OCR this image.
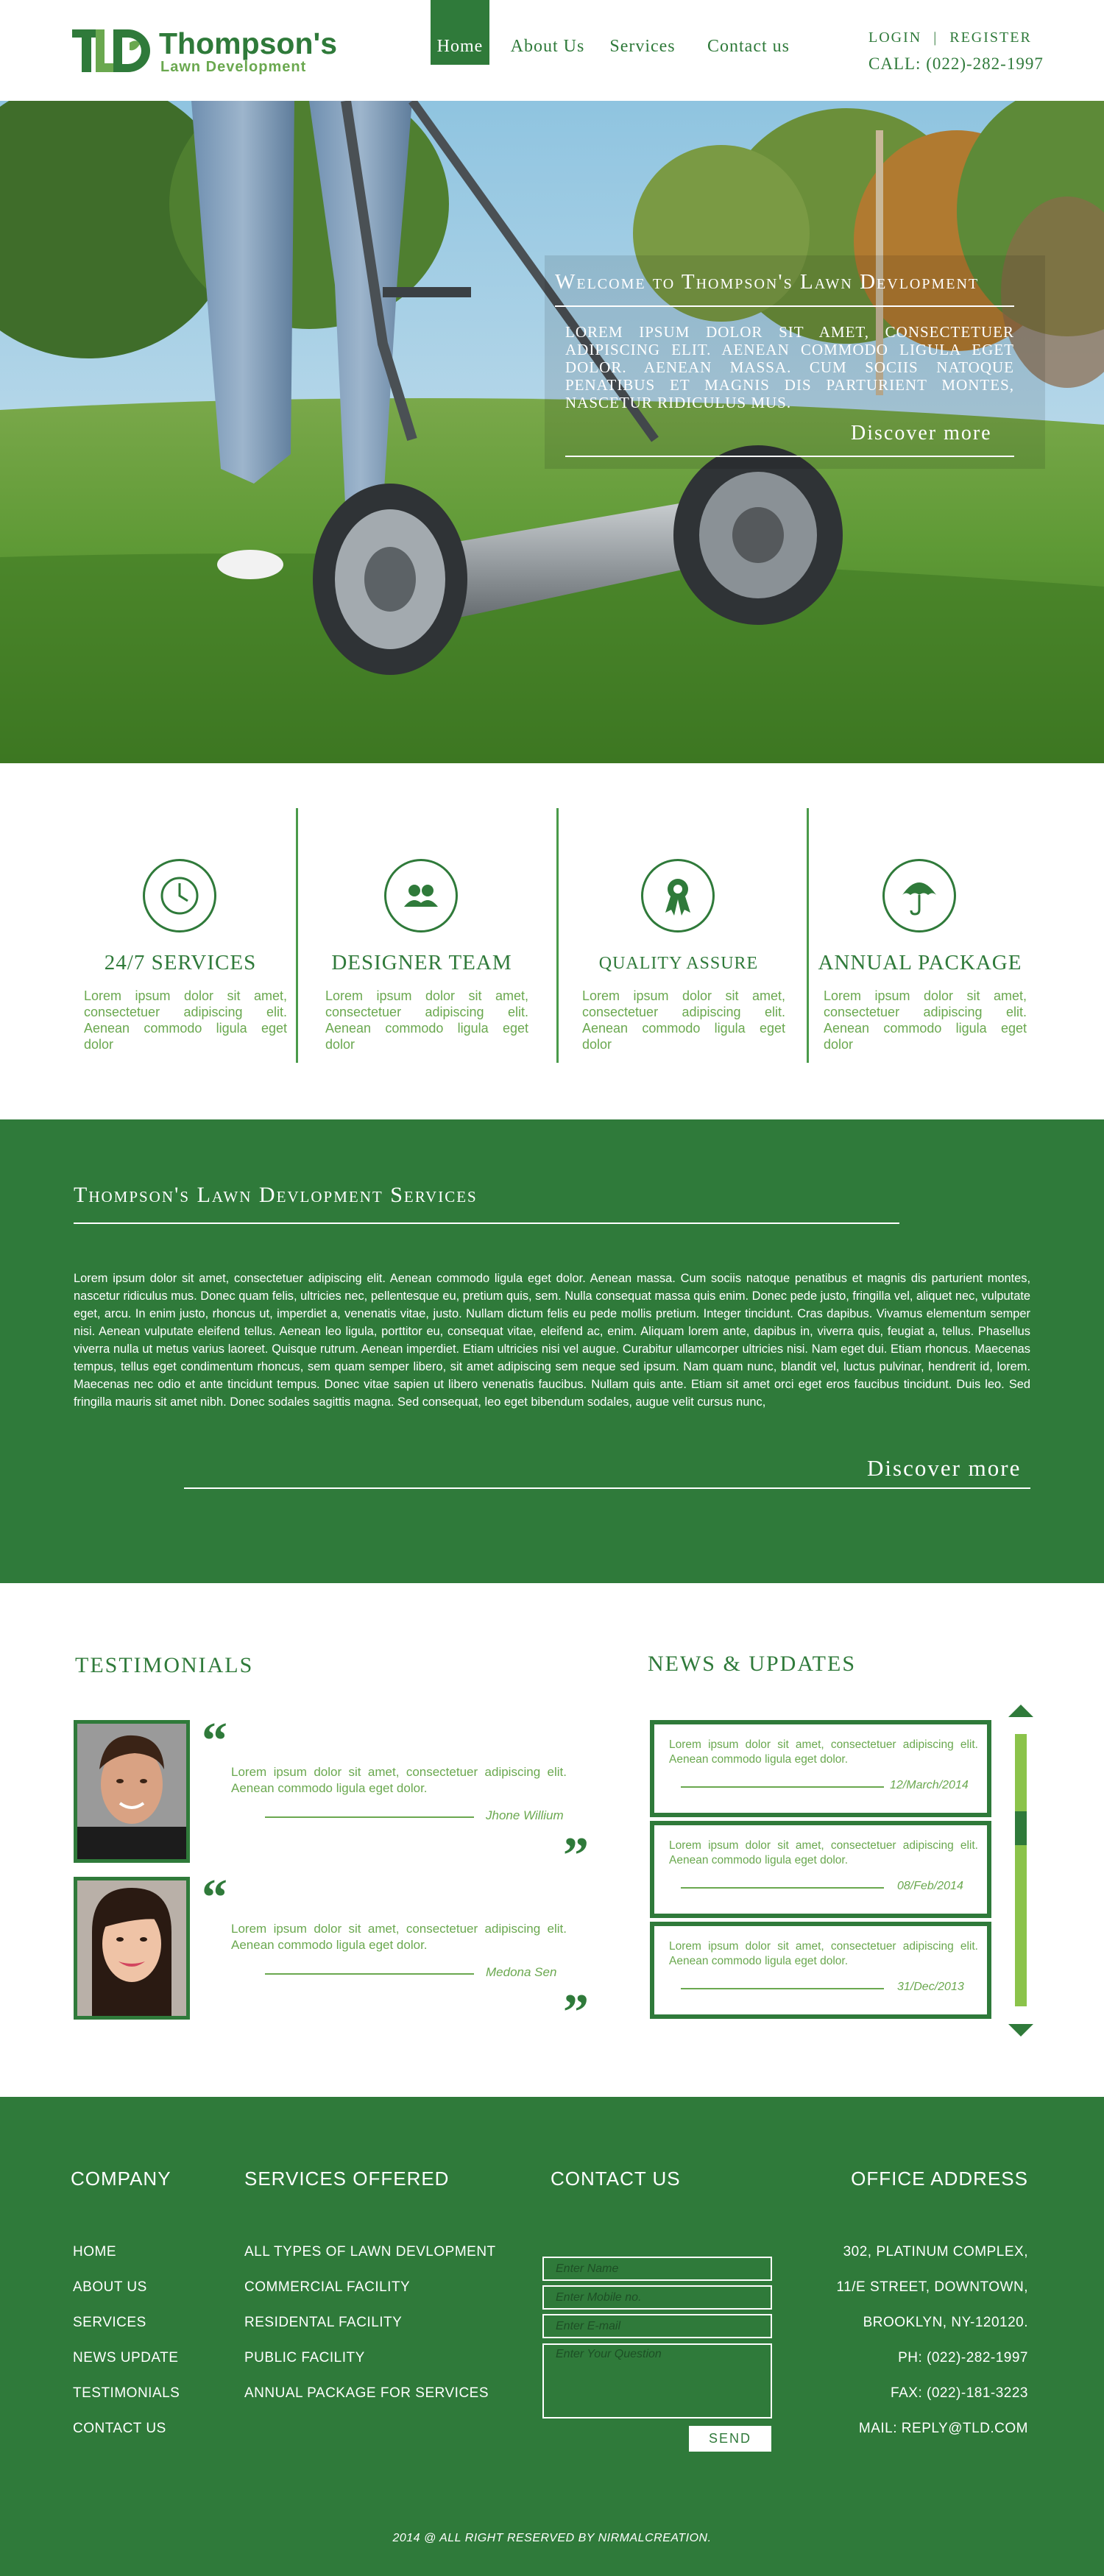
Thompson's
Lawn Development
Home	About Us	Services	Contact us	LOGIN | REGISTER
CALL: (022)-282-1997
Welcome to Thompson's Lawn Devlopment
LOREM IPSUM DOLOR SIT AMET, CONSECTETUER ADIPISCING ELIT. AENEAN COMMODO LIGULA EGET DOLOR. AENEAN MASSA. CUM SOCIIS NATOQUE PENATIBUS ET MAGNIS DIS PARTURIENT MONTES, NASCETUR RIDICULUS MUS.
Discover more
24/7 SERVICES
Lorem ipsum dolor sit amet, consectetuer adipiscing elit. Aenean commodo ligula eget dolor
DESIGNER TEAM
Lorem ipsum dolor sit amet, consectetuer adipiscing elit. Aenean commodo ligula eget dolor
QUALITY ASSURE
Lorem ipsum dolor sit amet, consectetuer adipiscing elit. Aenean commodo ligula eget dolor
ANNUAL PACKAGE
Lorem ipsum dolor sit amet, consectetuer adipiscing elit. Aenean commodo ligula eget dolor
Thompson's Lawn Devlopment Services
Lorem ipsum dolor sit amet, consectetuer adipiscing elit. Aenean commodo ligula eget dolor. Aenean massa. Cum sociis natoque penatibus et magnis dis parturient montes, nascetur ridiculus mus. Donec quam felis, ultricies nec, pellentesque eu, pretium quis, sem. Nulla consequat massa quis enim. Donec pede justo, fringilla vel, aliquet nec, vulputate eget, arcu. In enim justo, rhoncus ut, imperdiet a, venenatis vitae, justo. Nullam dictum felis eu pede mollis pretium. Integer tincidunt. Cras dapibus. Vivamus elementum semper nisi. Aenean vulputate eleifend tellus. Aenean leo ligula, porttitor eu, consequat vitae, eleifend ac, enim. Aliquam lorem ante, dapibus in, viverra quis, feugiat a, tellus. Phasellus viverra nulla ut metus varius laoreet. Quisque rutrum. Aenean imperdiet. Etiam ultricies nisi vel augue. Curabitur ullamcorper ultricies nisi. Nam eget dui. Etiam rhoncus. Maecenas tempus, tellus eget condimentum rhoncus, sem quam semper libero, sit amet adipiscing sem neque sed ipsum. Nam quam nunc, blandit vel, luctus pulvinar, hendrerit id, lorem. Maecenas nec odio et ante tincidunt tempus. Donec vitae sapien ut libero venenatis faucibus. Nullam quis ante. Etiam sit amet orci eget eros faucibus tincidunt. Duis leo. Sed fringilla mauris sit amet nibh. Donec sodales sagittis magna. Sed consequat, leo eget bibendum sodales, augue velit cursus nunc,
Discover more
TESTIMONIALS	NEWS & UPDATES
“
Lorem ipsum dolor sit amet, consectetuer adipiscing elit. Aenean commodo ligula eget dolor.
Jhone Willium
”
“
Lorem ipsum dolor sit amet, consectetuer adipiscing elit. Aenean commodo ligula eget dolor.
Medona Sen
”
Lorem ipsum dolor sit amet, consectetuer adipiscing elit. Aenean commodo ligula eget dolor.
12/March/2014
Lorem ipsum dolor sit amet, consectetuer adipiscing elit. Aenean commodo ligula eget dolor.
08/Feb/2014
Lorem ipsum dolor sit amet, consectetuer adipiscing elit. Aenean commodo ligula eget dolor.
31/Dec/2013
COMPANY	SERVICES OFFERED	CONTACT US	OFFICE ADDRESS
HOME
ABOUT US
SERVICES
NEWS UPDATE
TESTIMONIALS
CONTACT US
ALL TYPES OF LAWN DEVLOPMENT
COMMERCIAL FACILITY
RESIDENTAL FACILITY
PUBLIC FACILITY
ANNUAL PACKAGE FOR SERVICES
Enter Name
Enter Mobile no.
Enter E-mail
Enter Your Question
SEND
302, PLATINUM COMPLEX,
11/E STREET, DOWNTOWN,
BROOKLYN, NY-120120.
PH: (022)-282-1997
FAX: (022)-181-3223
MAIL: REPLY@TLD.COM
2014 @ ALL RIGHT RESERVED BY NIRMALCREATION.
